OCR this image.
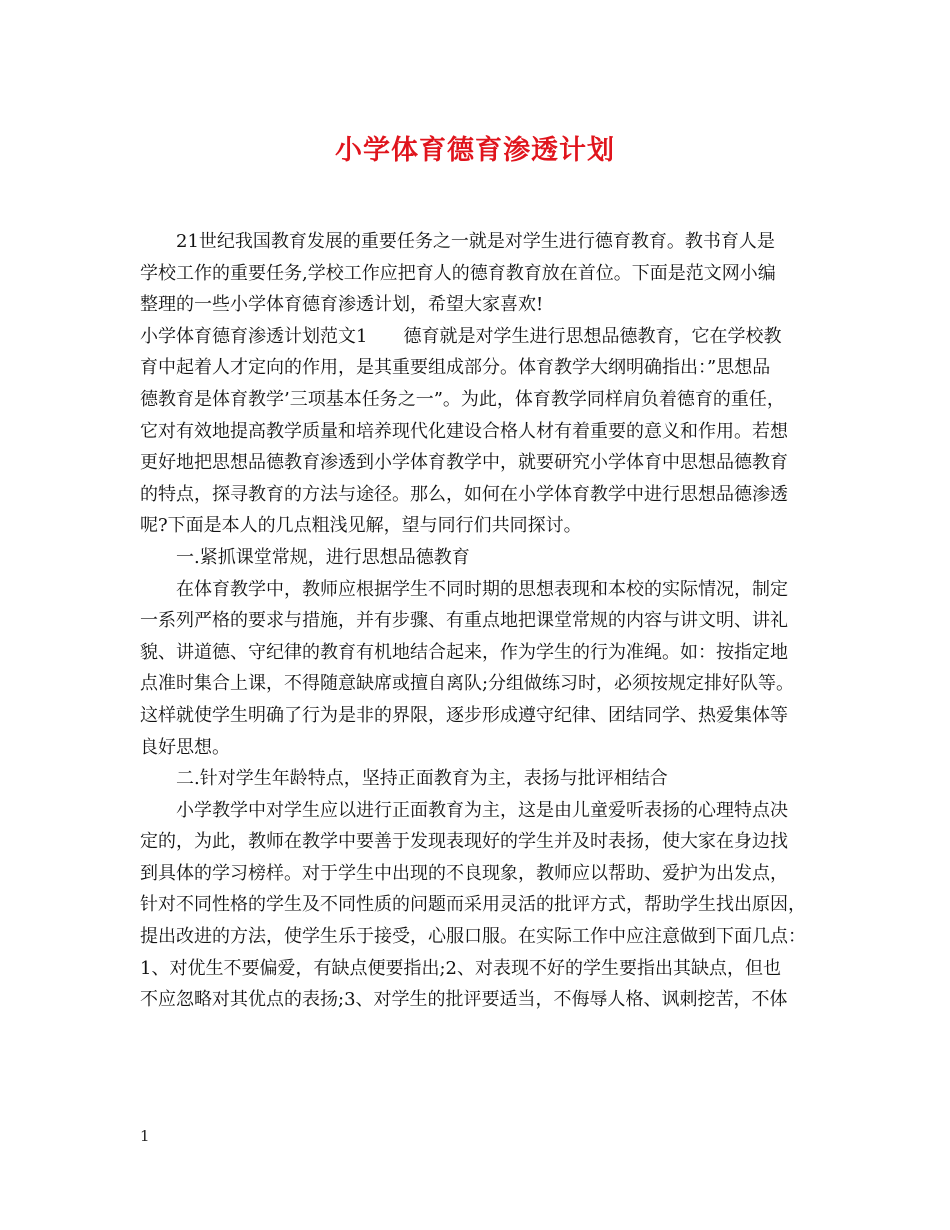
小学体育德育渗透计划
21世纪我国教育发展的重要任务之一就是对学生进行德育教育。教书育人是
学校工作的重要任务,学校工作应把育人的德育教育放在首位。下面是范文网小编
整理的一些小学体育德育渗透计划，希望大家喜欢!
小学体育德育渗透计划范文1　　德育就是对学生进行思想品德教育，它在学校教
育中起着人才定向的作用，是其重要组成部分。体育教学大纲明确指出：”思想品
德教育是体育教学’三项基本任务之一”。为此，体育教学同样肩负着德育的重任，
它对有效地提高教学质量和培养现代化建设合格人材有着重要的意义和作用。若想
更好地把思想品德教育渗透到小学体育教学中，就要研究小学体育中思想品德教育
的特点，探寻教育的方法与途径。那么，如何在小学体育教学中进行思想品德渗透
呢?下面是本人的几点粗浅见解，望与同行们共同探讨。
一.紧抓课堂常规，进行思想品德教育
在体育教学中，教师应根据学生不同时期的思想表现和本校的实际情况，制定
一系列严格的要求与措施，并有步骤、有重点地把课堂常规的内容与讲文明、讲礼
貌、讲道德、守纪律的教育有机地结合起来，作为学生的行为准绳。如：按指定地
点准时集合上课，不得随意缺席或擅自离队;分组做练习时，必须按规定排好队等。
这样就使学生明确了行为是非的界限，逐步形成遵守纪律、团结同学、热爱集体等
良好思想。
二.针对学生年龄特点，坚持正面教育为主，表扬与批评相结合
小学教学中对学生应以进行正面教育为主，这是由儿童爱听表扬的心理特点决
定的，为此，教师在教学中要善于发现表现好的学生并及时表扬，使大家在身边找
到具体的学习榜样。对于学生中出现的不良现象，教师应以帮助、爱护为出发点，
针对不同性格的学生及不同性质的问题而采用灵活的批评方式，帮助学生找出原因，
提出改进的方法，使学生乐于接受，心服口服。在实际工作中应注意做到下面几点：
1、对优生不要偏爱，有缺点便要指出;2、对表现不好的学生要指出其缺点，但也
不应忽略对其优点的表扬;3、对学生的批评要适当，不侮辱人格、讽刺挖苦，不体
1
